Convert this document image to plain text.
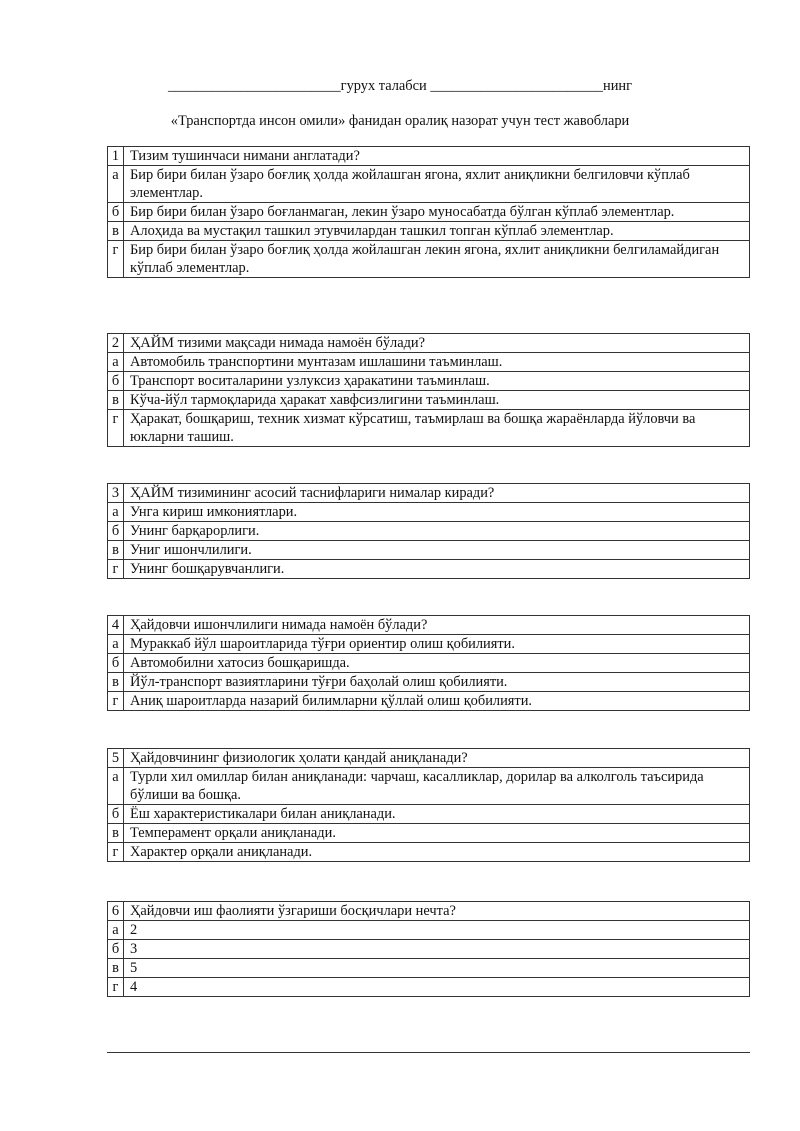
________________________гурух талабси ________________________нинг
«Транспортда инсон омили» фанидан оралиқ назорат учун тест жавоблари
1	Тизим тушинчаси нимани англатади?
а	Бир бири билан ўзаро боғлиқ ҳолда жойлашган ягона, яхлит аниқликни белгиловчи кўплаб элементлар.
б	Бир бири билан ўзаро боғланмаган, лекин ўзаро муносабатда бўлган кўплаб элементлар.
в	Алоҳида ва мустақил ташкил этувчилардан ташкил топган кўплаб элементлар.
г	Бир бири билан ўзаро боғлиқ ҳолда жойлашган лекин ягона, яхлит аниқликни белгиламайдиган кўплаб элементлар.
2	ҲАЙМ тизими мақсади нимада намоён бўлади?
а	Автомобиль транспортини мунтазам ишлашини таъминлаш.
б	Транспорт воситаларини узлуксиз ҳаракатини таъминлаш.
в	Кўча-йўл тармоқларида ҳаракат хавфсизлигини таъминлаш.
г	Ҳаракат, бошқариш, техник хизмат кўрсатиш, таъмирлаш ва бошқа жараёнларда йўловчи ва юкларни ташиш.
3	ҲАЙМ тизимининг асосий таснифлариги нималар киради?
а	Унга кириш имкониятлари.
б	Унинг барқарорлиги.
в	Униг ишончлилиги.
г	Унинг бошқарувчанлиги.
4	Ҳайдовчи ишончлилиги нимада намоён бўлади?
а	Мураккаб йўл шароитларида тўғри ориентир олиш қобилияти.
б	Автомобилни хатосиз бошқаришда.
в	Йўл-транспорт вазиятларини тўғри баҳолай олиш қобилияти.
г	Аниқ шароитларда назарий билимларни қўллай олиш қобилияти.
5	Ҳайдовчининг физиологик ҳолати қандай аниқланади?
а	Турли хил омиллар билан аниқланади: чарчаш, касалликлар, дорилар ва алколголь таъсирида бўлиши ва бошқа.
б	Ёш характеристикалари билан аниқланади.
в	Темперамент орқали аниқланади.
г	Характер орқали аниқланади.
6	Ҳайдовчи иш фаолияти ўзгариши босқичлари нечта?
а	2
б	3
в	5
г	4
